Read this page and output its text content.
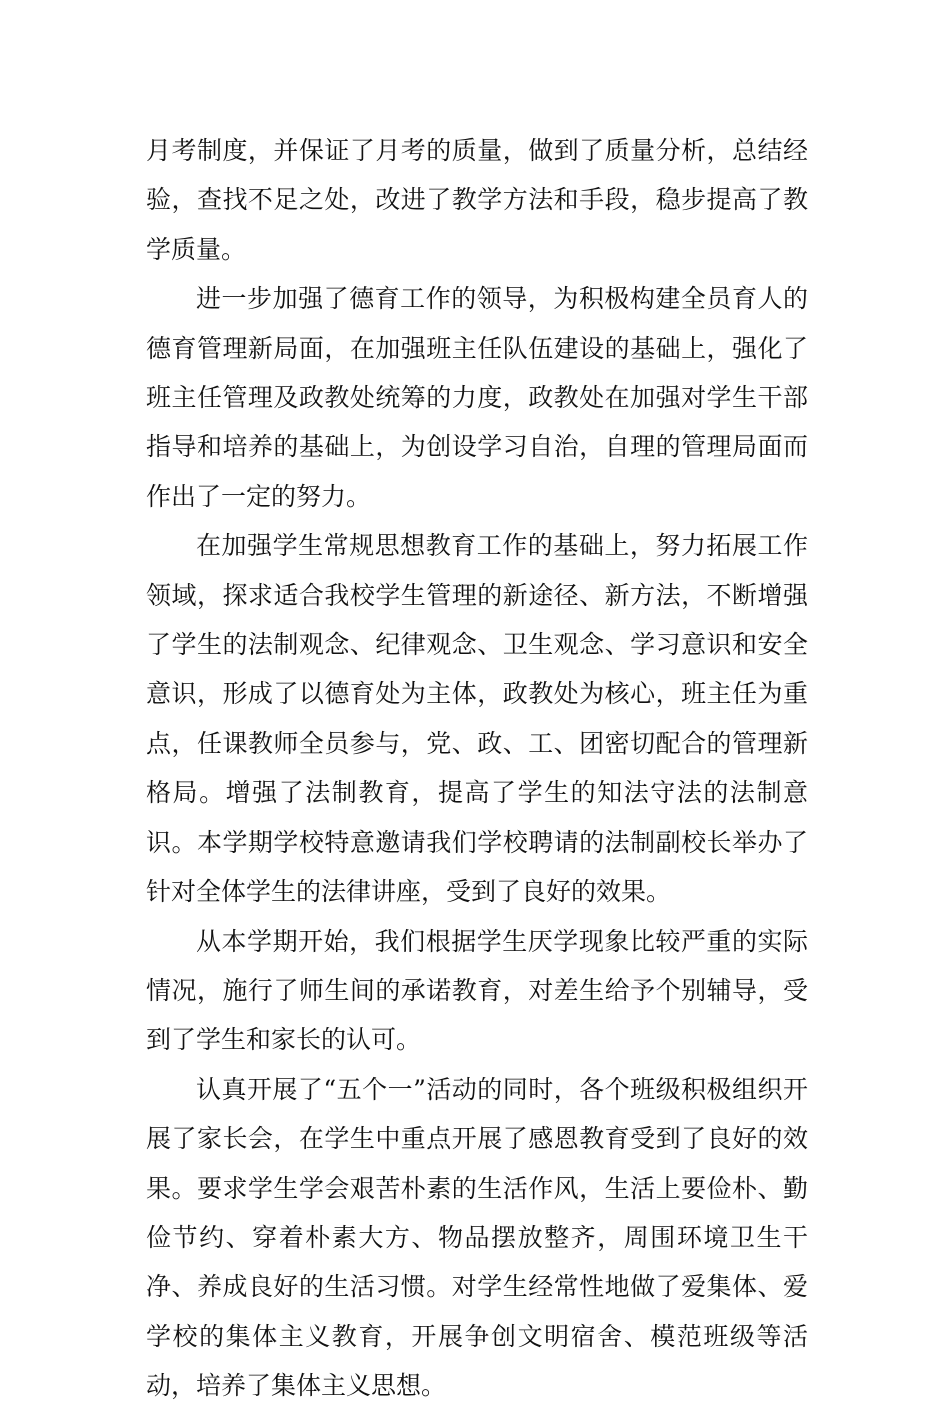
月考制度，并保证了月考的质量，做到了质量分析，总结经验，查找不足之处，改进了教学方法和手段，稳步提高了教学质量。

进一步加强了德育工作的领导，为积极构建全员育人的德育管理新局面，在加强班主任队伍建设的基础上，强化了班主任管理及政教处统筹的力度，政教处在加强对学生干部指导和培养的基础上，为创设学习自治，自理的管理局面而作出了一定的努力。

在加强学生常规思想教育工作的基础上，努力拓展工作领域，探求适合我校学生管理的新途径、新方法，不断增强了学生的法制观念、纪律观念、卫生观念、学习意识和安全意识，形成了以德育处为主体，政教处为核心，班主任为重点，任课教师全员参与，党、政、工、团密切配合的管理新格局。增强了法制教育，提高了学生的知法守法的法制意识。本学期学校特意邀请我们学校聘请的法制副校长举办了针对全体学生的法律讲座，受到了良好的效果。

从本学期开始，我们根据学生厌学现象比较严重的实际情况，施行了师生间的承诺教育，对差生给予个别辅导，受到了学生和家长的认可。

认真开展了“五个一”活动的同时，各个班级积极组织开展了家长会，在学生中重点开展了感恩教育受到了良好的效果。要求学生学会艰苦朴素的生活作风，生活上要俭朴、勤俭节约、穿着朴素大方、物品摆放整齐，周围环境卫生干净、养成良好的生活习惯。对学生经常性地做了爱集体、爱学校的集体主义教育，开展争创文明宿舍、模范班级等活动，培养了集体主义思想。
